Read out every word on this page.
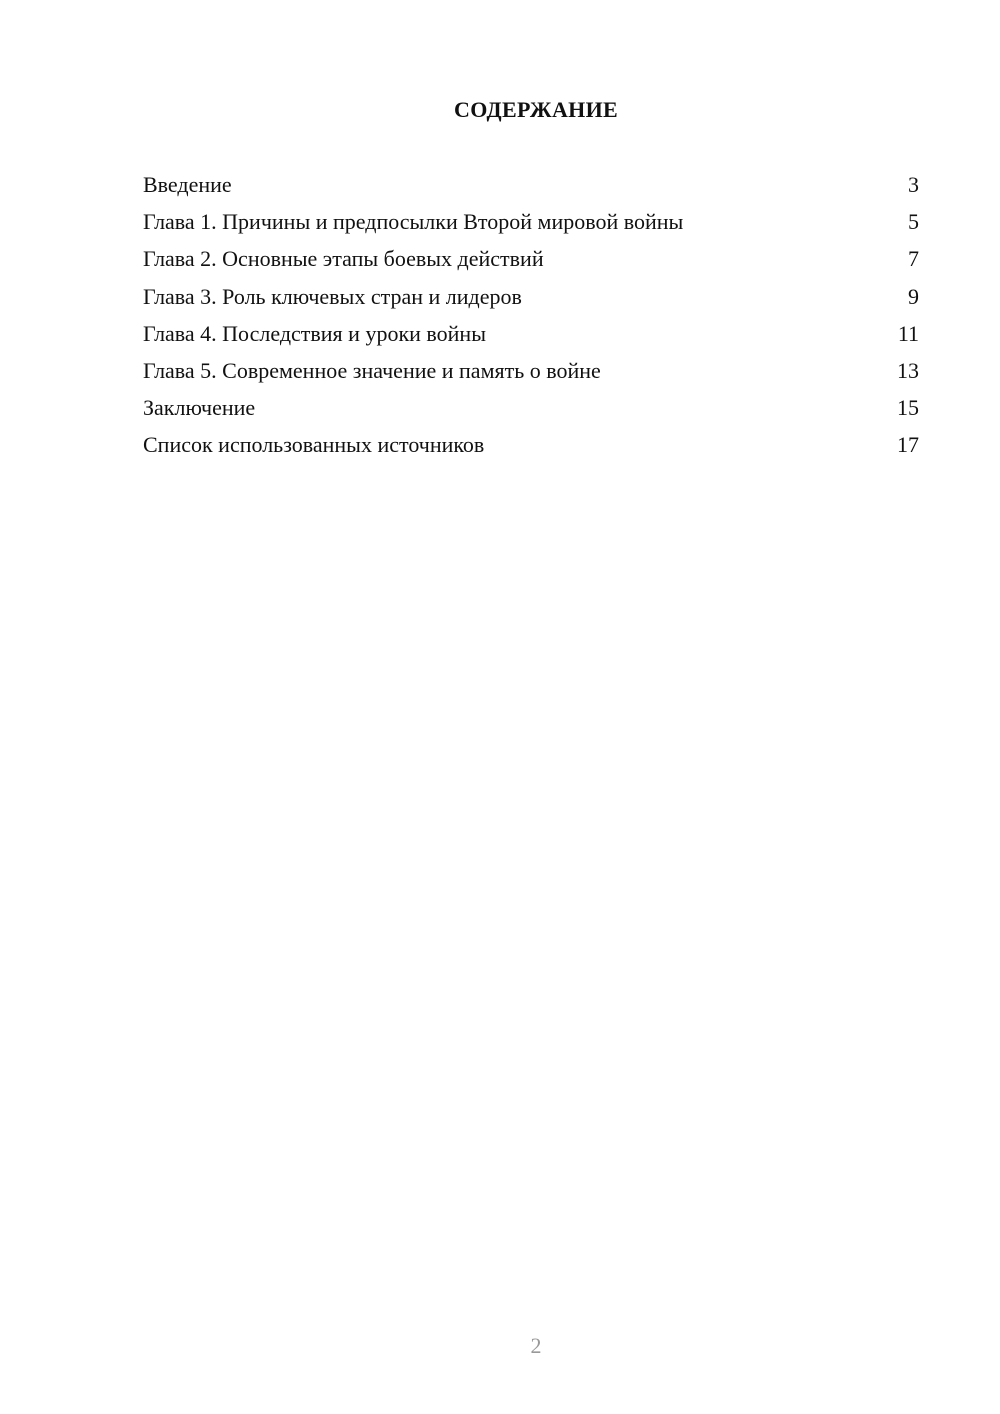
СОДЕРЖАНИЕ
Введение	3
Глава 1. Причины и предпосылки Второй мировой войны	5
Глава 2. Основные этапы боевых действий	7
Глава 3. Роль ключевых стран и лидеров	9
Глава 4. Последствия и уроки войны	11
Глава 5. Современное значение и память о войне	13
Заключение	15
Список использованных источников	17
2
